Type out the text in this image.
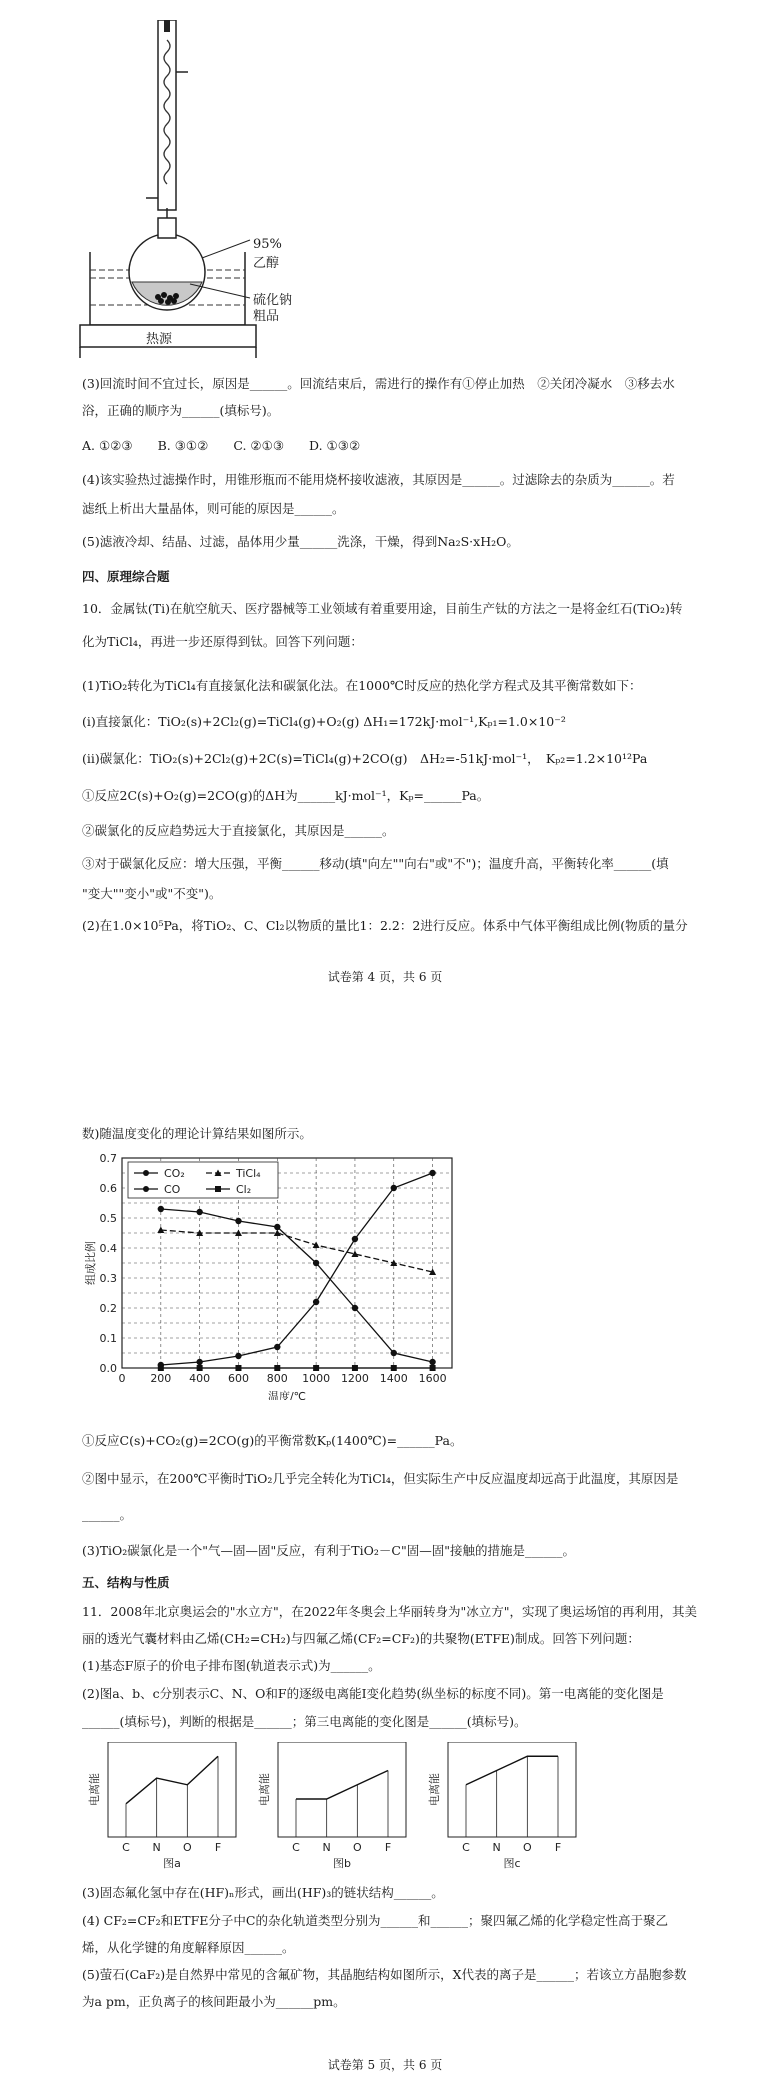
95%
乙醇
硫化钠
粗品
热源
(3)回流时间不宜过长，原因是______。回流结束后，需进行的操作有①停止加热　②关闭冷凝水　③移去水
浴，正确的顺序为______(填标号)。
A. ①②③　　B. ③①②　　C. ②①③　　D. ①③②
(4)该实验热过滤操作时，用锥形瓶而不能用烧杯接收滤液，其原因是______。过滤除去的杂质为______。若
滤纸上析出大量晶体，则可能的原因是______。
(5)滤液冷却、结晶、过滤，晶体用少量______洗涤，干燥，得到Na₂S·xH₂O。
四、原理综合题
10．金属钛(Ti)在航空航天、医疗器械等工业领域有着重要用途，目前生产钛的方法之一是将金红石(TiO₂)转
化为TiCl₄，再进一步还原得到钛。回答下列问题：
(1)TiO₂转化为TiCl₄有直接氯化法和碳氯化法。在1000℃时反应的热化学方程式及其平衡常数如下：
(i)直接氯化：TiO₂(s)+2Cl₂(g)=TiCl₄(g)+O₂(g) ΔH₁=172kJ·mol⁻¹,Kₚ₁=1.0×10⁻²
(ii)碳氯化：TiO₂(s)+2Cl₂(g)+2C(s)=TiCl₄(g)+2CO(g)　ΔH₂=-51kJ·mol⁻¹，　Kₚ₂=1.2×10¹²Pa
①反应2C(s)+O₂(g)=2CO(g)的ΔH为______kJ·mol⁻¹，Kₚ=______Pa。
②碳氯化的反应趋势远大于直接氯化，其原因是______。
③对于碳氯化反应：增大压强，平衡______移动(填"向左""向右"或"不")；温度升高，平衡转化率______(填
"变大""变小"或"不变")。
(2)在1.0×10⁵Pa，将TiO₂、C、Cl₂以物质的量比1：2.2：2进行反应。体系中气体平衡组成比例(物质的量分
试卷第 4 页，共 6 页
数)随温度变化的理论计算结果如图所示。
0.0
0.1
0.2
0.3
0.4
0.5
0.6
0.7
0 200 400 600 800 1000 1200 1400 1600
温度/℃
组成比例
CO₂	TiCl₄
CO	Cl₂
①反应C(s)+CO₂(g)=2CO(g)的平衡常数Kₚ(1400℃)=______Pa。
②图中显示，在200℃平衡时TiO₂几乎完全转化为TiCl₄，但实际生产中反应温度却远高于此温度，其原因是
______。
(3)TiO₂碳氯化是一个"气—固—固"反应，有利于TiO₂－C"固—固"接触的措施是______。
五、结构与性质
11．2008年北京奥运会的"水立方"，在2022年冬奥会上华丽转身为"冰立方"，实现了奥运场馆的再利用，其美
丽的透光气囊材料由乙烯(CH₂=CH₂)与四氟乙烯(CF₂=CF₂)的共聚物(ETFE)制成。回答下列问题：
(1)基态F原子的价电子排布图(轨道表示式)为______。
(2)图a、b、c分别表示C、N、O和F的逐级电离能I变化趋势(纵坐标的标度不同)。第一电离能的变化图是
______(填标号)，判断的根据是______；第三电离能的变化图是______(填标号)。
C N O F
图a
电离能
C N O F
图b
电离能
C N O F
图c
电离能
(3)固态氟化氢中存在(HF)ₙ形式，画出(HF)₃的链状结构______。
(4) CF₂=CF₂和ETFE分子中C的杂化轨道类型分别为______和______；聚四氟乙烯的化学稳定性高于聚乙
烯，从化学键的角度解释原因______。
(5)萤石(CaF₂)是自然界中常见的含氟矿物，其晶胞结构如图所示，X代表的离子是______；若该立方晶胞参数
为a pm，正负离子的核间距最小为______pm。
试卷第 5 页，共 6 页
